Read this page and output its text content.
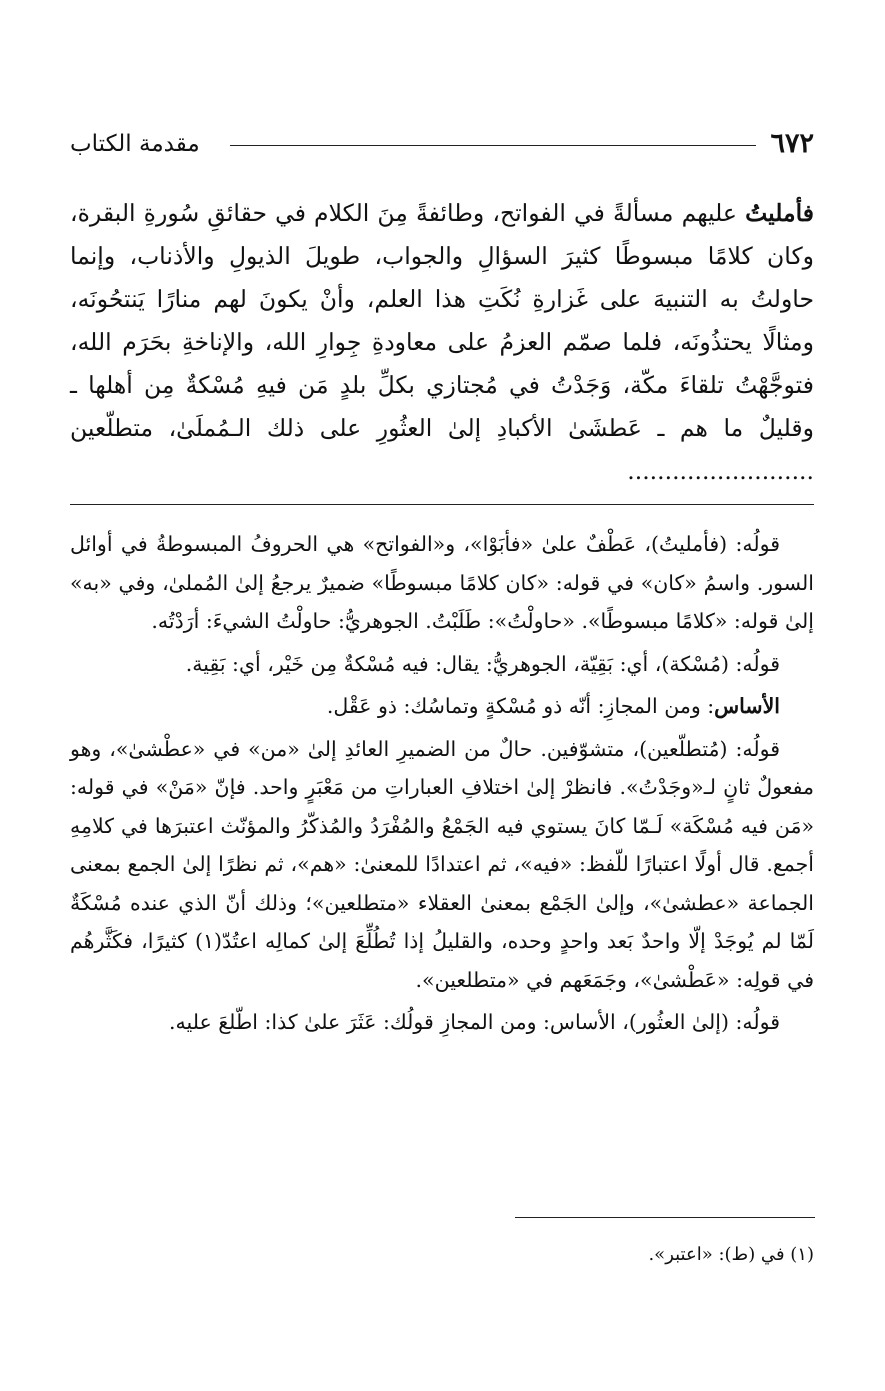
٦٧٢
مقدمة الكتاب
فأمليتُ عليهم مسألةً في الفواتح، وطائفةً مِنَ الكلام في حقائقِ سُورةِ البقرة، وكان كلامًا مبسوطًا كثيرَ السؤالِ والجواب، طويلَ الذيولِ والأذناب، وإنما حاولتُ به التنبيهَ على غَزارةِ نُكَتِ هذا العلم، وأنْ يكونَ لهم منارًا يَنتحُونَه، ومثالًا يحتذُونَه، فلما صمّم العزمُ على معاودةِ جِوارِ الله، والإناخةِ بحَرَم الله، فتوجَّهْتُ تلقاءَ مكّة، وَجَدْتُ في مُجتازي بكلِّ بلدٍ مَن فيهِ مُسْكةٌ مِن أهلها ـ وقليلٌ ما هم ـ عَطشَىٰ الأكبادِ إلىٰ العثُورِ على ذلك الـمُملَىٰ، متطلّعين .........................

قولُه: (فأمليتُ)، عَطْفٌ علىٰ «فأبَوْا»، و«الفواتح» هي الحروفُ المبسوطةُ في أوائل السور. واسمُ «كان» في قوله: «كان كلامًا مبسوطًا» ضميرٌ يرجعُ إلىٰ المُملىٰ، وفي «به» إلىٰ قوله: «كلامًا مبسوطًا». «حاولْتُ»: طَلَبْتُ. الجوهريُّ: حاولْتُ الشيءَ: أرَدْتُه.

قولُه: (مُسْكة)، أي: بَقِيّة، الجوهريُّ: يقال: فيه مُسْكةٌ مِن خَيْر، أي: بَقِية.

الأساس: ومن المجازِ: أنّه ذو مُسْكةٍ وتماسُك: ذو عَقْل.

قولُه: (مُتطلّعين)، متشوّفين. حالٌ من الضميرِ العائدِ إلىٰ «من» في «عطْشىٰ»، وهو مفعولٌ ثانٍ لـ«وجَدْتُ». فانظرْ إلىٰ اختلافِ العباراتِ من مَعْبَرٍ واحد. فإنّ «مَنْ» في قوله: «مَن فيه مُسْكَة» لَـمّا كانَ يستوي فيه الجَمْعُ والمُفْرَدُ والمُذكّرُ والمؤنّث اعتبرَها في كلامِهِ أجمع. قال أولًا اعتبارًا للّفظ: «فيه»، ثم اعتدادًا للمعنىٰ: «هم»، ثم نظرًا إلىٰ الجمع بمعنى الجماعة «عطشىٰ»، وإلىٰ الجَمْع بمعنىٰ العقلاء «متطلعين»؛ وذلك أنّ الذي عنده مُسْكَةٌ لَمّا لم يُوجَدْ إلّا واحدٌ بَعد واحدٍ وحده، والقليلُ إذا تُطُلِّعَ إلىٰ كمالِه اعتُدّ(١) كثيرًا، فكَثَّرهُم في قولِه: «عَطْشىٰ»، وجَمَعَهم في «متطلعين».

قولُه: (إلىٰ العثُور)، الأساس: ومن المجازِ قولُك: عَثَرَ علىٰ كذا: اطّلعَ عليه.

(١) في (ط): «اعتبر».
